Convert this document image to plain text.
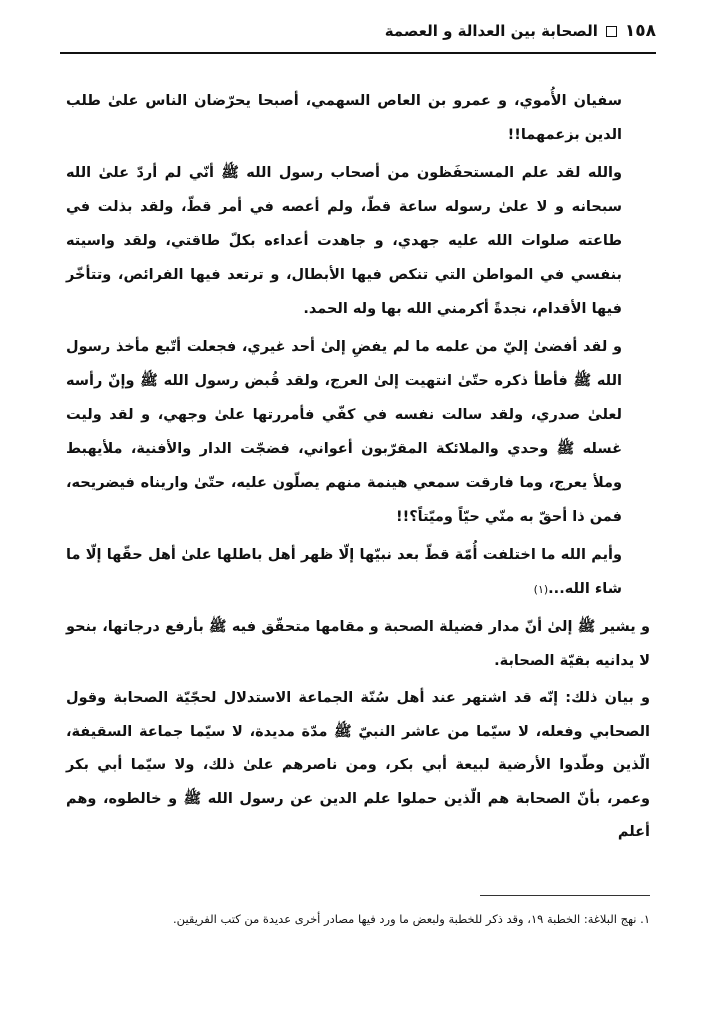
١٥٨
الصحابة بين العدالة و العصمة

سفيان الأُموي، و عمرو بن العاص السهمي، أصبحا يحرّضان الناس علىٰ طلب الدين بزعمهما!!

والله لقد علم المستحفَظون من أصحاب رسول الله ﷺ أنّي لم أردّ علىٰ الله سبحانه و لا علىٰ رسوله ساعة قطّ، ولم أعصه في أمر قطّ، ولقد بذلت في طاعته صلوات الله عليه جهدي، و جاهدت أعداءه بكلّ طاقتي، ولقد واسيته بنفسي في المواطن التي تنكص فيها الأبطال، و ترتعد فيها الفرائص، وتتأخّر فيها الأقدام، نجدةً أكرمني الله بها وله الحمد.

و لقد أفضىٰ إليّ من علمه ما لم يفضِ إلىٰ أحد غيري، فجعلت أتّبع مأخذ رسول الله ﷺ فأطأ ذكره حتّىٰ انتهيت إلىٰ العرج، ولقد قُبض رسول الله ﷺ وإنّ رأسه لعلىٰ صدري، ولقد سالت نفسه في كفّي فأمررتها علىٰ وجهي، و لقد وليت غسله ﷺ وحدي والملائكة المقرّبون أعواني، فضجّت الدار والأفنية، ملأيهبط وملأ يعرج، وما فارقت سمعي هينمة منهم يصلّون عليه، حتّىٰ واريناه فيضريحه، فمن ذا أحقّ به منّي حيّاً وميّتاً؟!!

وأيم الله ما اختلفت أُمّة قطّ بعد نبيّها إلّا ظهر أهل باطلها علىٰ أهل حقّها إلّا ما شاء الله...(١)

و يشير ﷺ إلىٰ أنّ مدار فضيلة الصحبة و مقامها متحقّق فيه ﷺ بأرفع درجاتها، بنحو لا يدانيه بقيّة الصحابة.

و بيان ذلك: إنّه قد اشتهر عند أهل سُنّة الجماعة الاستدلال لحجّيّة الصحابة وقول الصحابي وفعله، لا سيّما من عاشر النبيّ ﷺ مدّة مديدة، لا سيّما جماعة السقيفة، الّذين وطّدوا الأرضية لبيعة أبي بكر، ومن ناصرهم علىٰ ذلك، ولا سيّما أبي بكر وعمر، بأنّ الصحابة هم الّذين حملوا علم الدين عن رسول الله ﷺ و خالطوه، وهم أعلم

١. نهج البلاغة: الخطبة ١٩، وقد ذكر للخطبة ولبعض ما ورد فيها مصادر أخرى عديدة من كتب الفريقين.
